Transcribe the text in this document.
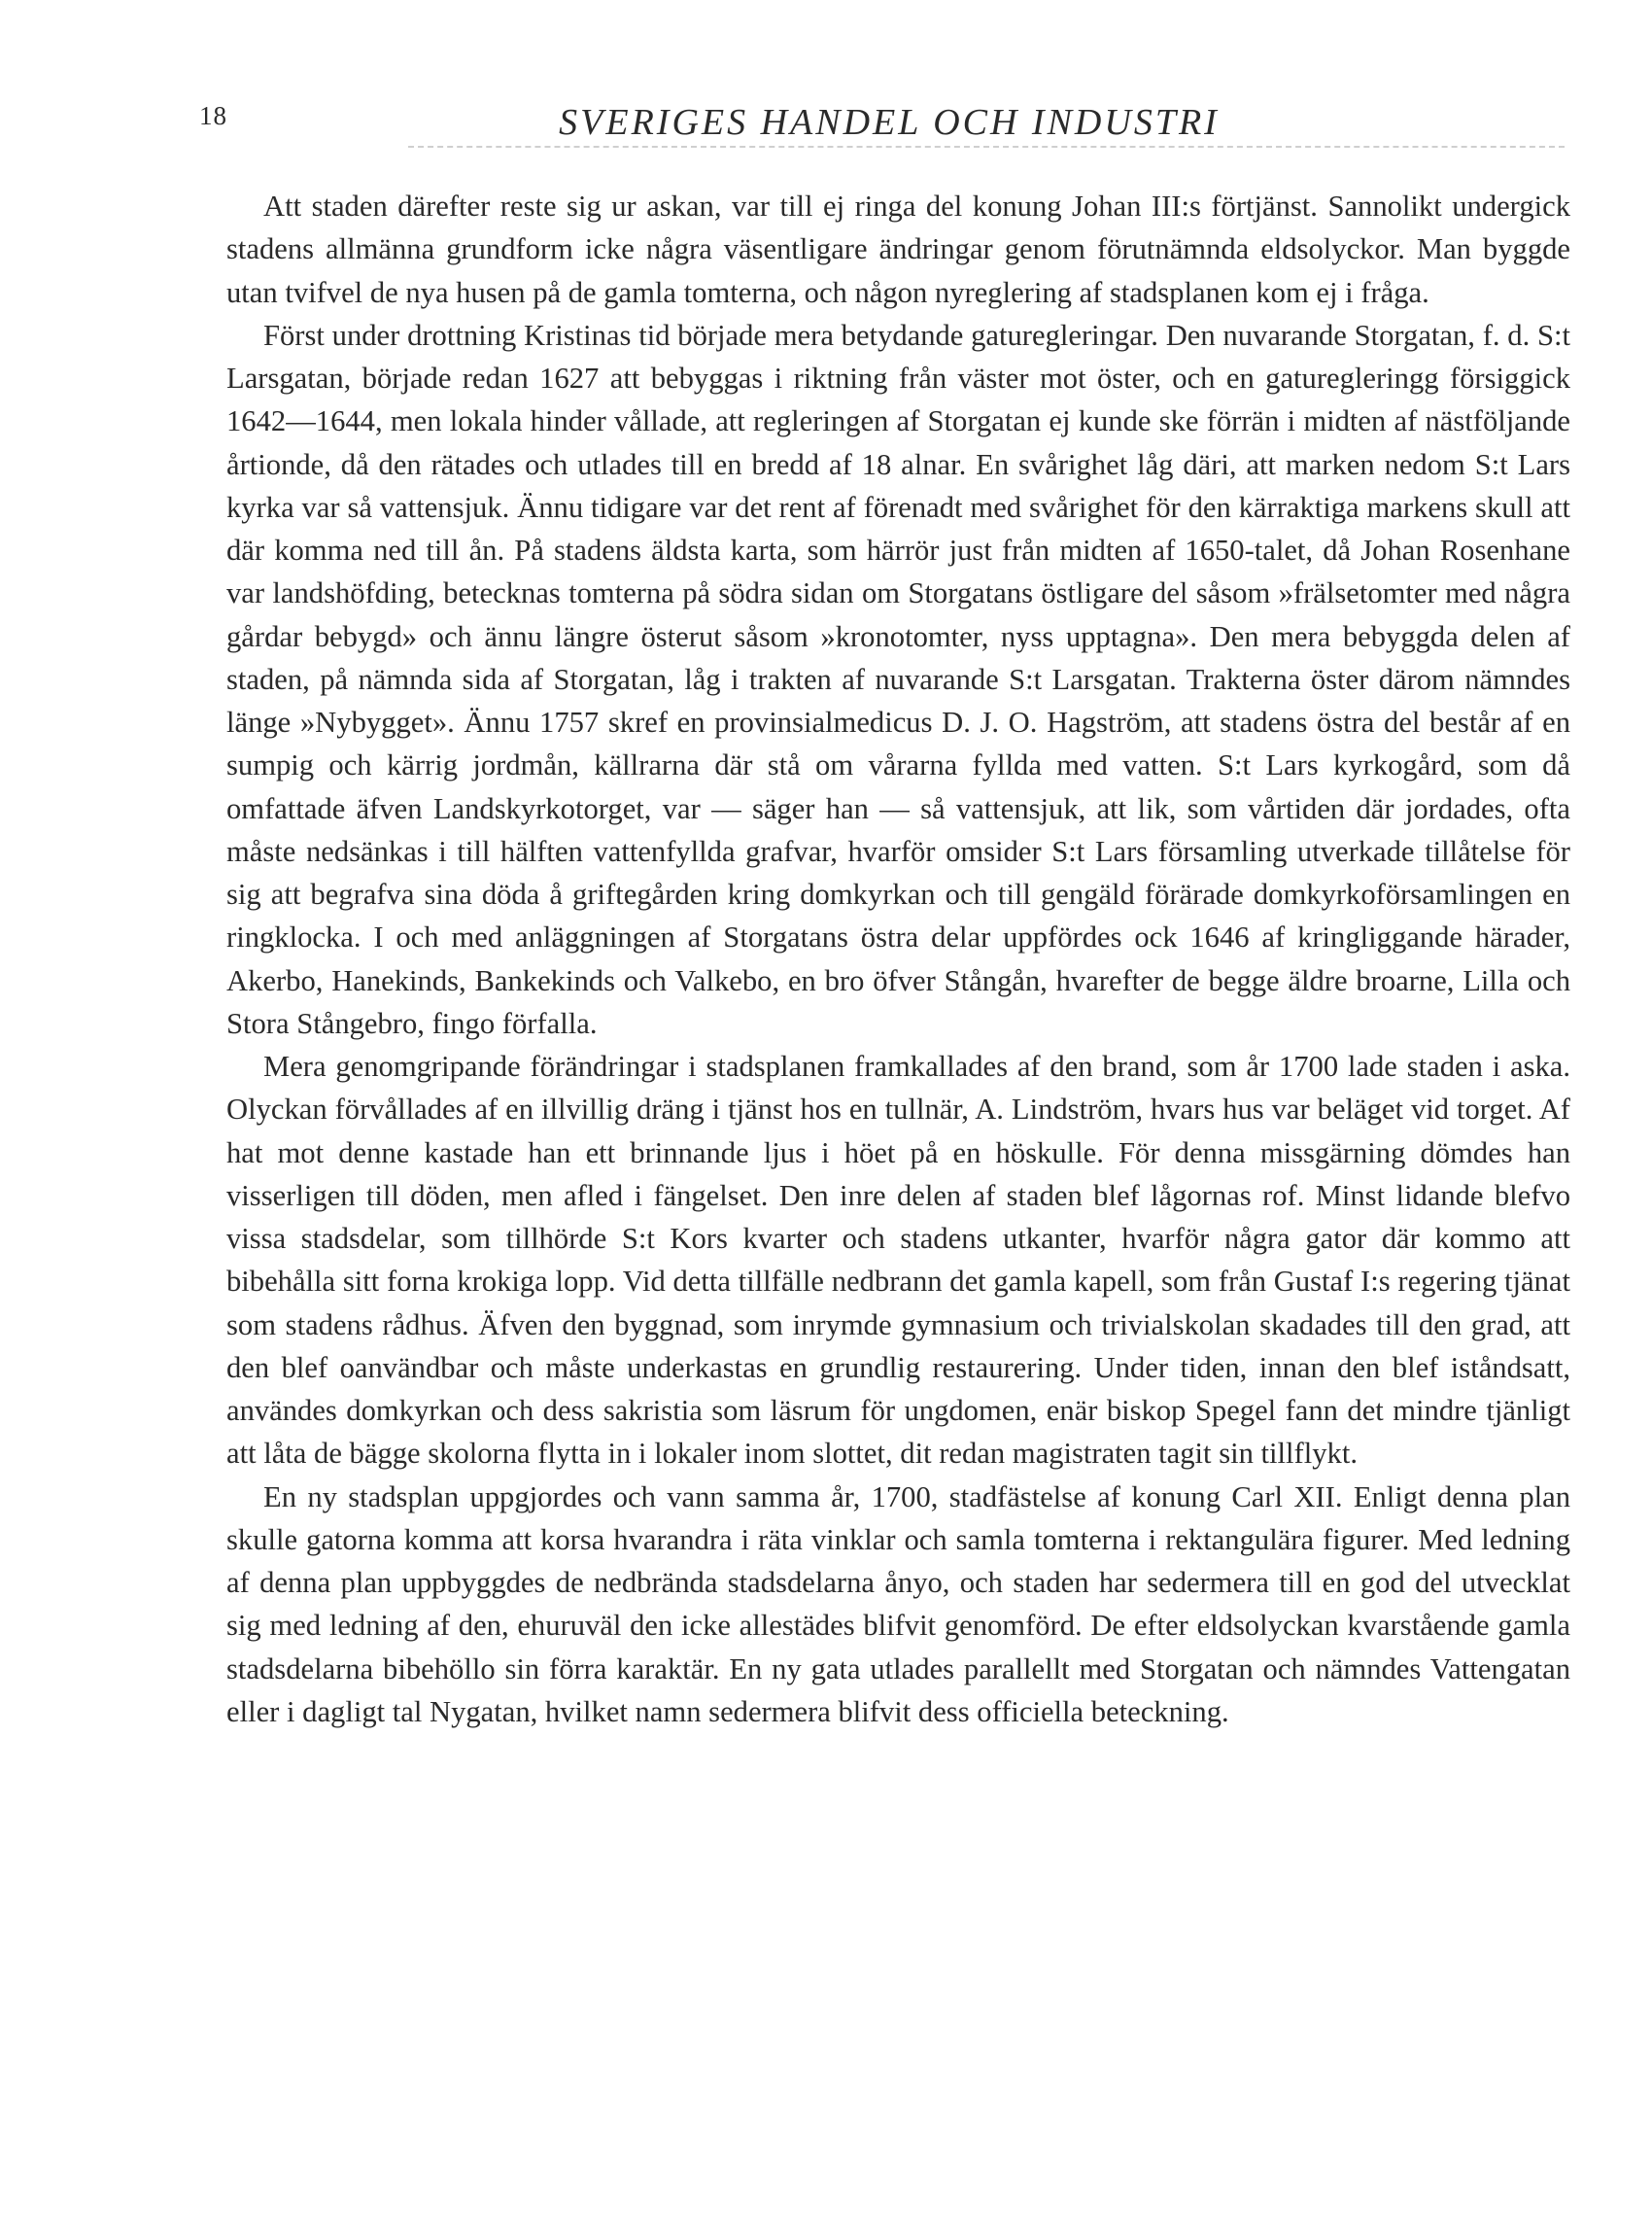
18	SVERIGES HANDEL OCH INDUSTRI

Att staden därefter reste sig ur askan, var till ej ringa del konung Johan III:s förtjänst. Sannolikt undergick stadens allmänna grundform icke några väsentligare ändringar genom förutnämnda eldsolyckor. Man byggde utan tvifvel de nya husen på de gamla tomterna, och någon nyreglering af stadsplanen kom ej i fråga.

Först under drottning Kristinas tid började mera betydande gaturegleringar. Den nuvarande Storgatan, f. d. S:t Larsgatan, började redan 1627 att bebyggas i riktning från väster mot öster, och en gaturegleringg försiggick 1642—1644, men lokala hinder vållade, att regleringen af Storgatan ej kunde ske förrän i midten af nästföljande årtionde, då den rätades och utlades till en bredd af 18 alnar. En svårighet låg däri, att marken nedom S:t Lars kyrka var så vattensjuk. Ännu tidigare var det rent af förenadt med svårighet för den kärraktiga markens skull att där komma ned till ån. På stadens äldsta karta, som härrör just från midten af 1650-talet, då Johan Rosenhane var landshöfding, betecknas tomterna på södra sidan om Storgatans östligare del såsom »frälsetomter med några gårdar bebygd» och ännu längre österut såsom »kronotomter, nyss upptagna». Den mera bebyggda delen af staden, på nämnda sida af Storgatan, låg i trakten af nuvarande S:t Larsgatan. Trakterna öster därom nämndes länge »Nybygget». Ännu 1757 skref en provinsialmedicus D. J. O. Hagström, att stadens östra del består af en sumpig och kärrig jordmån, källrarna där stå om vårarna fyllda med vatten. S:t Lars kyrkogård, som då omfattade äfven Landskyrkotorget, var — säger han — så vattensjuk, att lik, som vårtiden där jordades, ofta måste nedsänkas i till hälften vattenfyllda grafvar, hvarför omsider S:t Lars församling utverkade tillåtelse för sig att begrafva sina döda å griftegården kring domkyrkan och till gengäld förärade domkyrkoförsamlingen en ringklocka. I och med anläggningen af Storgatans östra delar uppfördes ock 1646 af kringliggande härader, Akerbo, Hanekinds, Bankekinds och Valkebo, en bro öfver Stångån, hvarefter de begge äldre broarne, Lilla och Stora Stångebro, fingo förfalla.

Mera genomgripande förändringar i stadsplanen framkallades af den brand, som år 1700 lade staden i aska. Olyckan förvållades af en illvillig dräng i tjänst hos en tullnär, A. Lindström, hvars hus var beläget vid torget. Af hat mot denne kastade han ett brinnande ljus i höet på en höskulle. För denna missgärning dömdes han visserligen till döden, men afled i fängelset. Den inre delen af staden blef lågornas rof. Minst lidande blefvo vissa stadsdelar, som tillhörde S:t Kors kvarter och stadens utkanter, hvarför några gator där kommo att bibehålla sitt forna krokiga lopp. Vid detta tillfälle nedbrann det gamla kapell, som från Gustaf I:s regering tjänat som stadens rådhus. Äfven den byggnad, som inrymde gymnasium och trivialskolan skadades till den grad, att den blef oanvändbar och måste underkastas en grundlig restaurering. Under tiden, innan den blef iståndsatt, användes domkyrkan och dess sakristia som läsrum för ungdomen, enär biskop Spegel fann det mindre tjänligt att låta de bägge skolorna flytta in i lokaler inom slottet, dit redan magistraten tagit sin tillflykt.

En ny stadsplan uppgjordes och vann samma år, 1700, stadfästelse af konung Carl XII. Enligt denna plan skulle gatorna komma att korsa hvarandra i räta vinklar och samla tomterna i rektangulära figurer. Med ledning af denna plan uppbyggdes de nedbrända stadsdelarna ånyo, och staden har sedermera till en god del utvecklat sig med ledning af den, ehuruväl den icke allestädes blifvit genomförd. De efter eldsolyckan kvarstående gamla stadsdelarna bibehöllo sin förra karaktär. En ny gata utlades parallellt med Storgatan och nämndes Vattengatan eller i dagligt tal Nygatan, hvilket namn sedermera blifvit dess officiella beteckning.
